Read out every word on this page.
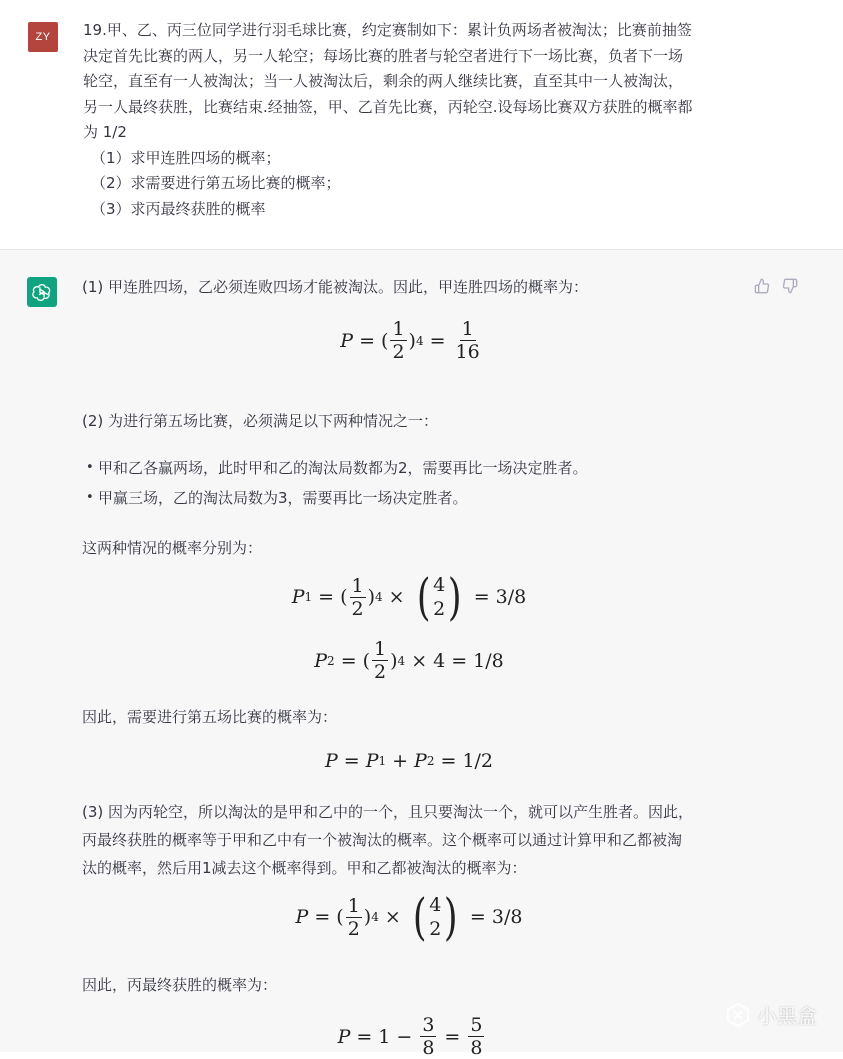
ZY	19.甲、乙、丙三位同学进行羽毛球比赛，约定赛制如下：累计负两场者被淘汰；比赛前抽签
决定首先比赛的两人，另一人轮空；每场比赛的胜者与轮空者进行下一场比赛，负者下一场
轮空，直至有一人被淘汰；当一人被淘汰后，剩余的两人继续比赛，直至其中一人被淘汰，
另一人最终获胜，比赛结束.经抽签，甲、乙首先比赛，丙轮空.设每场比赛双方获胜的概率都
为 1/2
（1）求甲连胜四场的概率；
（2）求需要进行第五场比赛的概率；
（3）求丙最终获胜的概率
(1) 甲连胜四场，乙必须连败四场才能被淘汰。因此，甲连胜四场的概率为：
P = ( $\frac{1}{2}$ ) $4 = \frac{1}{16}$
(2) 为进行第五场比赛，必须满足以下两种情况之一：
• 甲和乙各赢两场，此时甲和乙的淘汰局数都为2，需要再比一场决定胜者。
• 甲赢三场，乙的淘汰局数为3，需要再比一场决定胜者。
这两种情况的概率分别为：
P 1 = ( $\frac{1}{2}$ ) 4 × ( 4
2 ) = 3/8
P 2 = ( $\frac{1}{2}$ ) 4 × 4 = 1/8
因此，需要进行第五场比赛的概率为：
P = P 1 + P 2 = 1/2
(3) 因为丙轮空，所以淘汰的是甲和乙中的一个，且只要淘汰一个，就可以产生胜者。因此，
丙最终获胜的概率等于甲和乙中有一个被淘汰的概率。这个概率可以通过计算甲和乙都被淘
汰的概率，然后用1减去这个概率得到。甲和乙都被淘汰的概率为：
P = ( $\frac{1}{2}$ ) 4 × ( 4
2 ) = 3/8
因此，丙最终获胜的概率为：
$P = 1 - \frac{3}{8} = \frac{5}{8}$	小黑盒
